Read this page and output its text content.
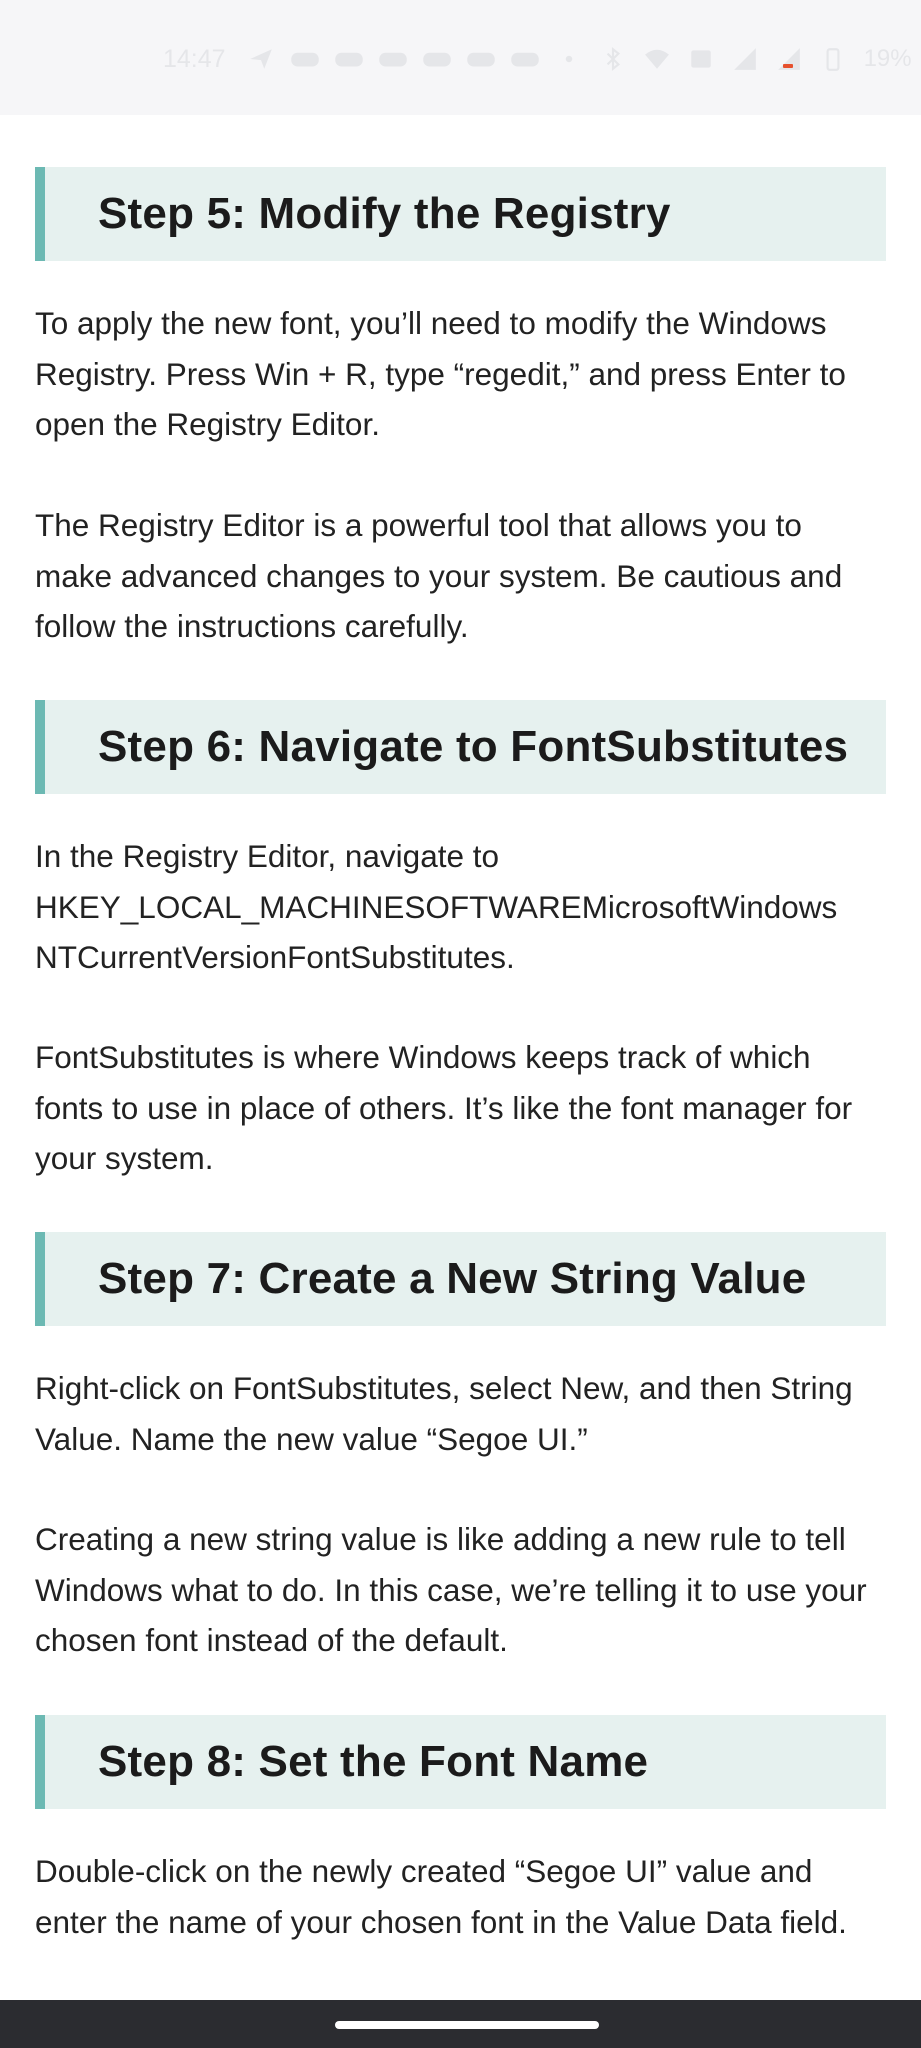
14:47	19%
Step 5: Modify the Registry

To apply the new font, you’ll need to modify the Windows Registry. Press Win + R, type “regedit,” and press Enter to open the Registry Editor.

The Registry Editor is a powerful tool that allows you to make advanced changes to your system. Be cautious and follow the instructions carefully.

Step 6: Navigate to FontSubstitutes

In the Registry Editor, navigate to HKEY_LOCAL_MACHINESOFTWAREMicrosoftWindows NTCurrentVersionFontSubstitutes.

FontSubstitutes is where Windows keeps track of which fonts to use in place of others. It’s like the font manager for your system.

Step 7: Create a New String Value

Right-click on FontSubstitutes, select New, and then String Value. Name the new value “Segoe UI.”

Creating a new string value is like adding a new rule to tell Windows what to do. In this case, we’re telling it to use your chosen font instead of the default.

Step 8: Set the Font Name

Double-click on the newly created “Segoe UI” value and enter the name of your chosen font in the Value Data field.
